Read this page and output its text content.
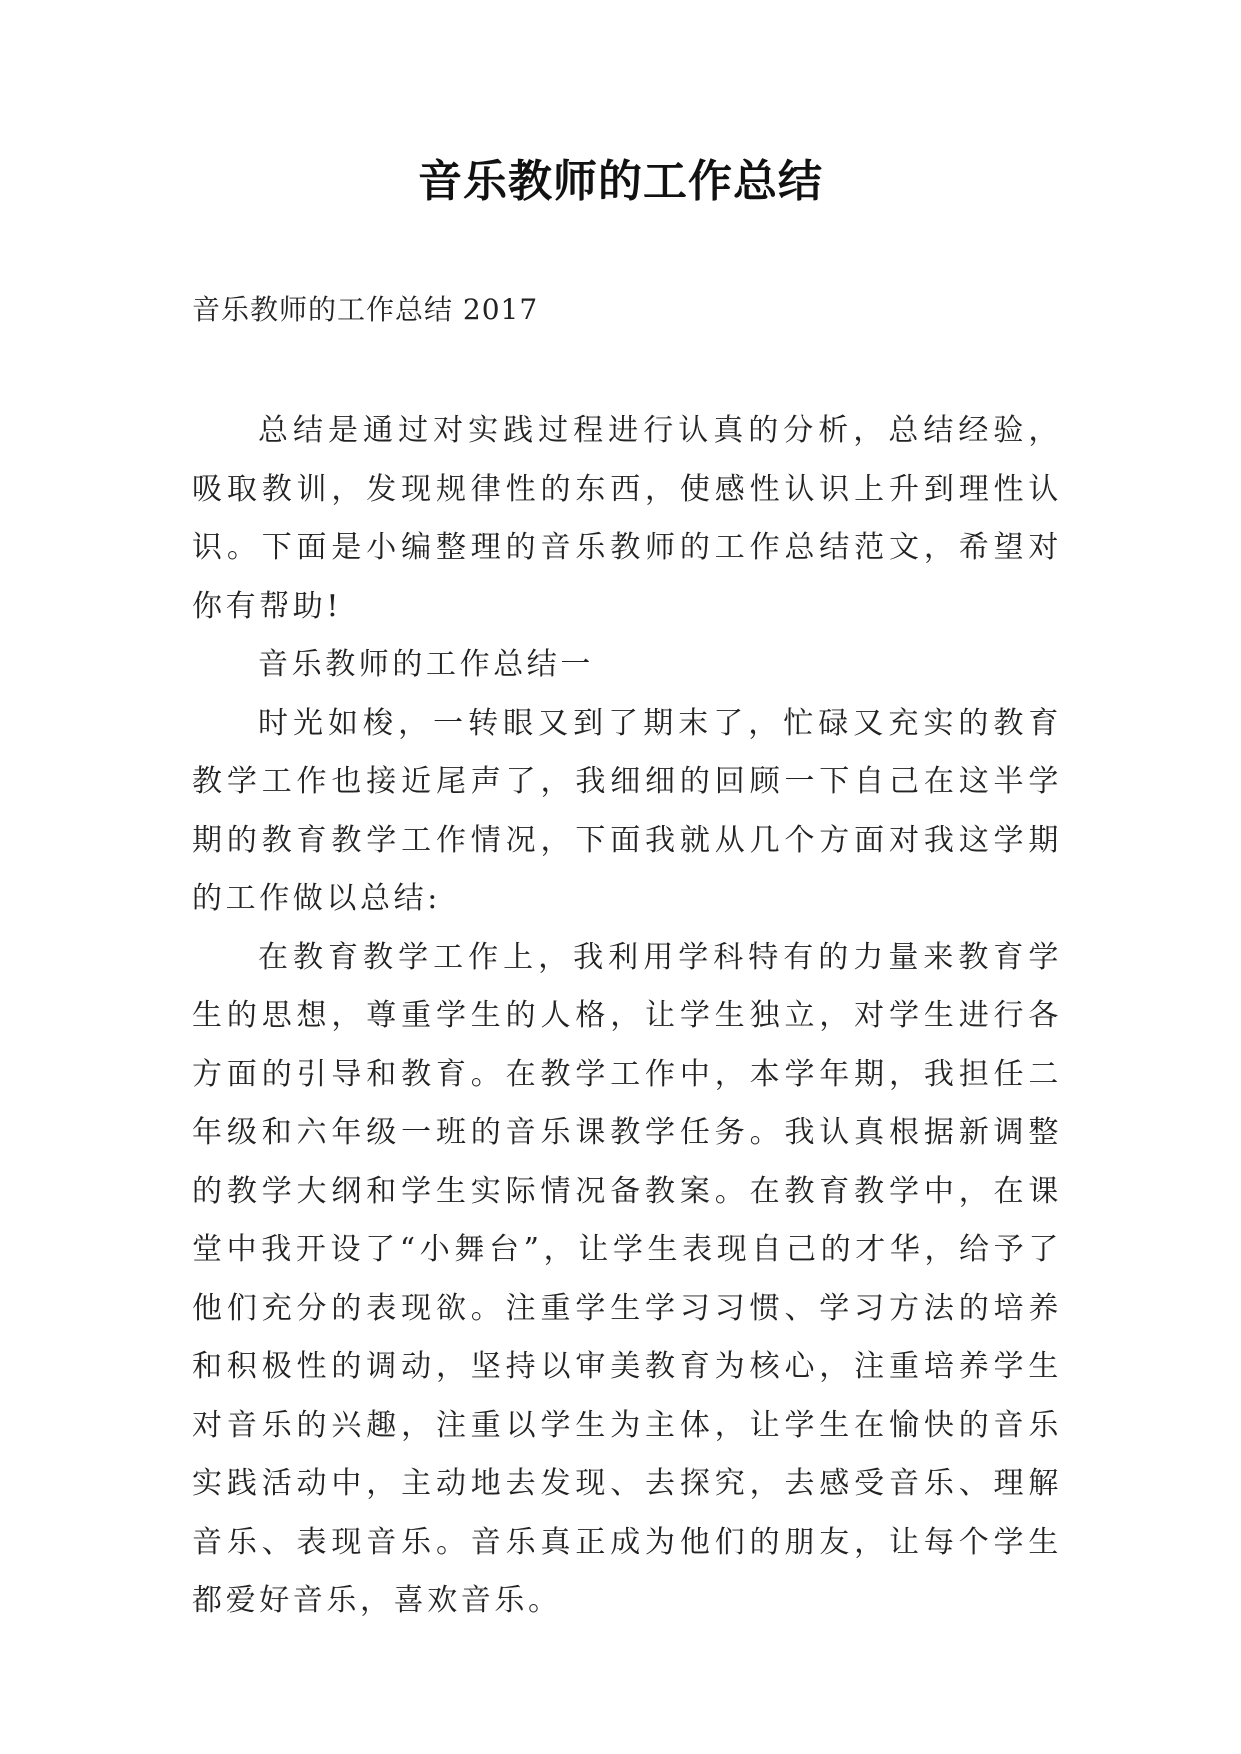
音乐教师的工作总结
音乐教师的工作总结 2017

总结是通过对实践过程进行认真的分析，总结经验，吸取教训，发现规律性的东西，使感性认识上升到理性认识。下面是小编整理的音乐教师的工作总结范文，希望对你有帮助!

音乐教师的工作总结一

时光如梭，一转眼又到了期末了，忙碌又充实的教育教学工作也接近尾声了，我细细的回顾一下自己在这半学期的教育教学工作情况，下面我就从几个方面对我这学期的工作做以总结:

在教育教学工作上，我利用学科特有的力量来教育学生的思想，尊重学生的人格，让学生独立，对学生进行各方面的引导和教育。在教学工作中，本学年期，我担任二年级和六年级一班的音乐课教学任务。我认真根据新调整的教学大纲和学生实际情况备教案。在教育教学中，在课堂中我开设了“小舞台”，让学生表现自己的才华，给予了他们充分的表现欲。注重学生学习习惯、学习方法的培养和积极性的调动，坚持以审美教育为核心，注重培养学生对音乐的兴趣，注重以学生为主体，让学生在愉快的音乐实践活动中，主动地去发现、去探究，去感受音乐、理解音乐、表现音乐。音乐真正成为他们的朋友，让每个学生都爱好音乐，喜欢音乐。
